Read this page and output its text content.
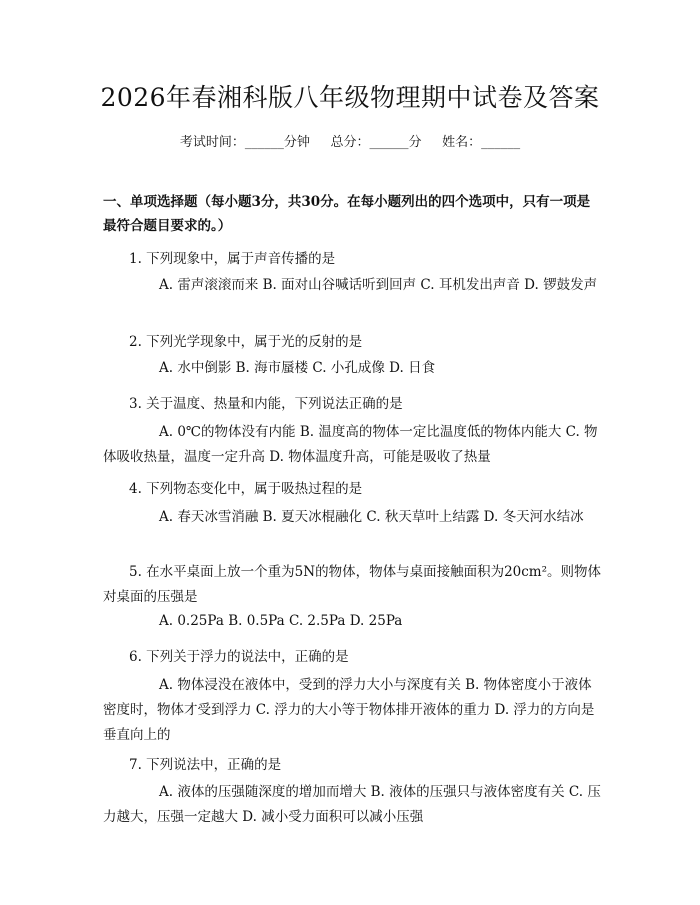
2026年春湘科版八年级物理期中试卷及答案
考试时间：______分钟     总分：______分     姓名：______
一、单项选择题（每小题3分，共30分。在每小题列出的四个选项中，只有一项是最符合题目要求的。）
1. 下列现象中，属于声音传播的是
A. 雷声滚滚而来 B. 面对山谷喊话听到回声 C. 耳机发出声音 D. 锣鼓发声
2. 下列光学现象中，属于光的反射的是
A. 水中倒影 B. 海市蜃楼 C. 小孔成像 D. 日食
3. 关于温度、热量和内能，下列说法正确的是
A. 0℃的物体没有内能 B. 温度高的物体一定比温度低的物体内能大 C. 物体吸收热量，温度一定升高 D. 物体温度升高，可能是吸收了热量
4. 下列物态变化中，属于吸热过程的是
A. 春天冰雪消融 B. 夏天冰棍融化 C. 秋天草叶上结露 D. 冬天河水结冰
5. 在水平桌面上放一个重为5N的物体，物体与桌面接触面积为20cm²。则物体对桌面的压强是
A. 0.25Pa B. 0.5Pa C. 2.5Pa D. 25Pa
6. 下列关于浮力的说法中，正确的是
A. 物体浸没在液体中，受到的浮力大小与深度有关 B. 物体密度小于液体密度时，物体才受到浮力 C. 浮力的大小等于物体排开液体的重力 D. 浮力的方向是垂直向上的
7. 下列说法中，正确的是
A. 液体的压强随深度的增加而增大 B. 液体的压强只与液体密度有关 C. 压力越大，压强一定越大 D. 减小受力面积可以减小压强
